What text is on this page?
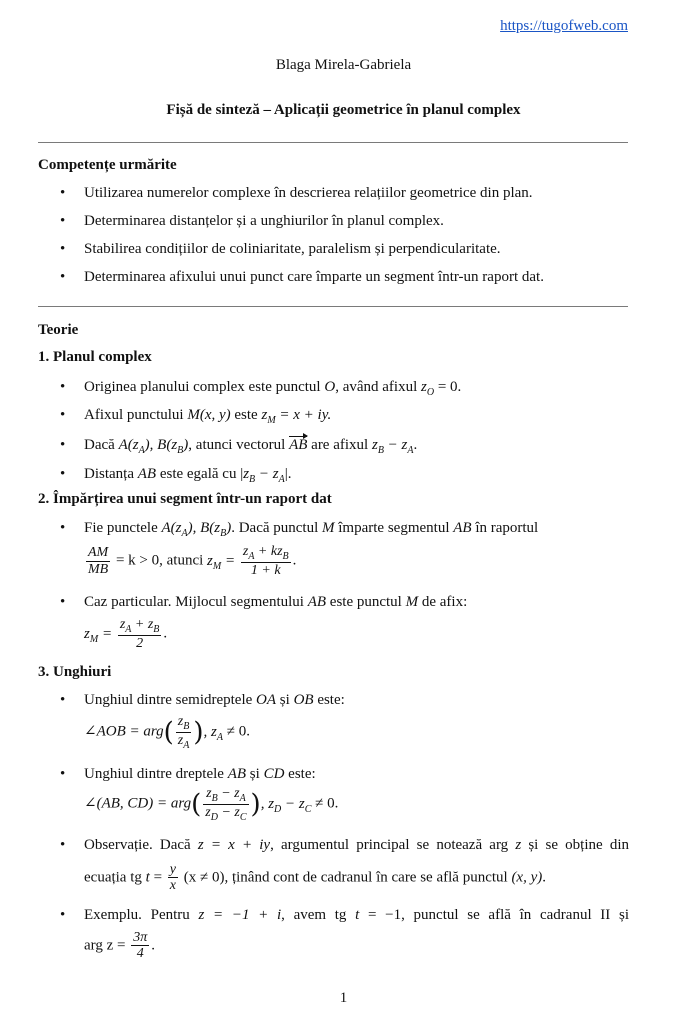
https://tugofweb.com
Blaga Mirela-Gabriela
Fișă de sinteză – Aplicații geometrice în planul complex
Competențe urmărite
• Utilizarea numerelor complexe în descrierea relațiilor geometrice din plan.
• Determinarea distanțelor și a unghiurilor în planul complex.
• Stabilirea condițiilor de coliniaritate, paralelism și perpendicularitate.
• Determinarea afixului unui punct care împarte un segment într-un raport dat.
Teorie
1. Planul complex
• Originea planului complex este punctul O, având afixul $z_O = 0$.
• Afixul punctului M(x, y) este $z_M = x$ + iy.
• Dacă $A(z_A)$, $B(z_B)$, atunci vectorul AB are afixul $z_B - z_A$.
• Distanța AB este egală cu $|z_B - z_A|$.
2. Împărțirea unui segment într-un raport dat
• Fie punctele $A(z_A)$, $B(z_B)$. Dacă punctul M împarte segmentul AB în raportul
$\frac{AM}{MB} = k > 0$, atunci $z_M = \frac{z_A + kz_B}{1 + k}$ .
• Caz particular. Mijlocul segmentului AB este punctul M de afix:
$z_M = \frac{z_A + z_B}{2}$ .
3. Unghiuri
• Unghiul dintre semidreptele OA și OB este:
∠AOB = $arg( \frac{z_B}{z_A}$ ), $z_A \ne 0$.
• Unghiul dintre dreptele AB și CD este:
∠(AB, $CD) = arg( \frac{z_B - z_A}{z_D - z_C}$ ), $z_D - z_C \ne 0$.
• Observație. Dacă z = x + iy, argumentul principal se notează arg z și se obține din
ecuația tg $t = \frac{y}{x} (x \ne 0)$, ținând cont de cadranul în care se află punctul (x, y).
• Exemplu. Pentru z = −1 + i, avem tg t = −1, punctul se află în cadranul II și
arg $z = \frac{3\pi}{4}$ .
1
